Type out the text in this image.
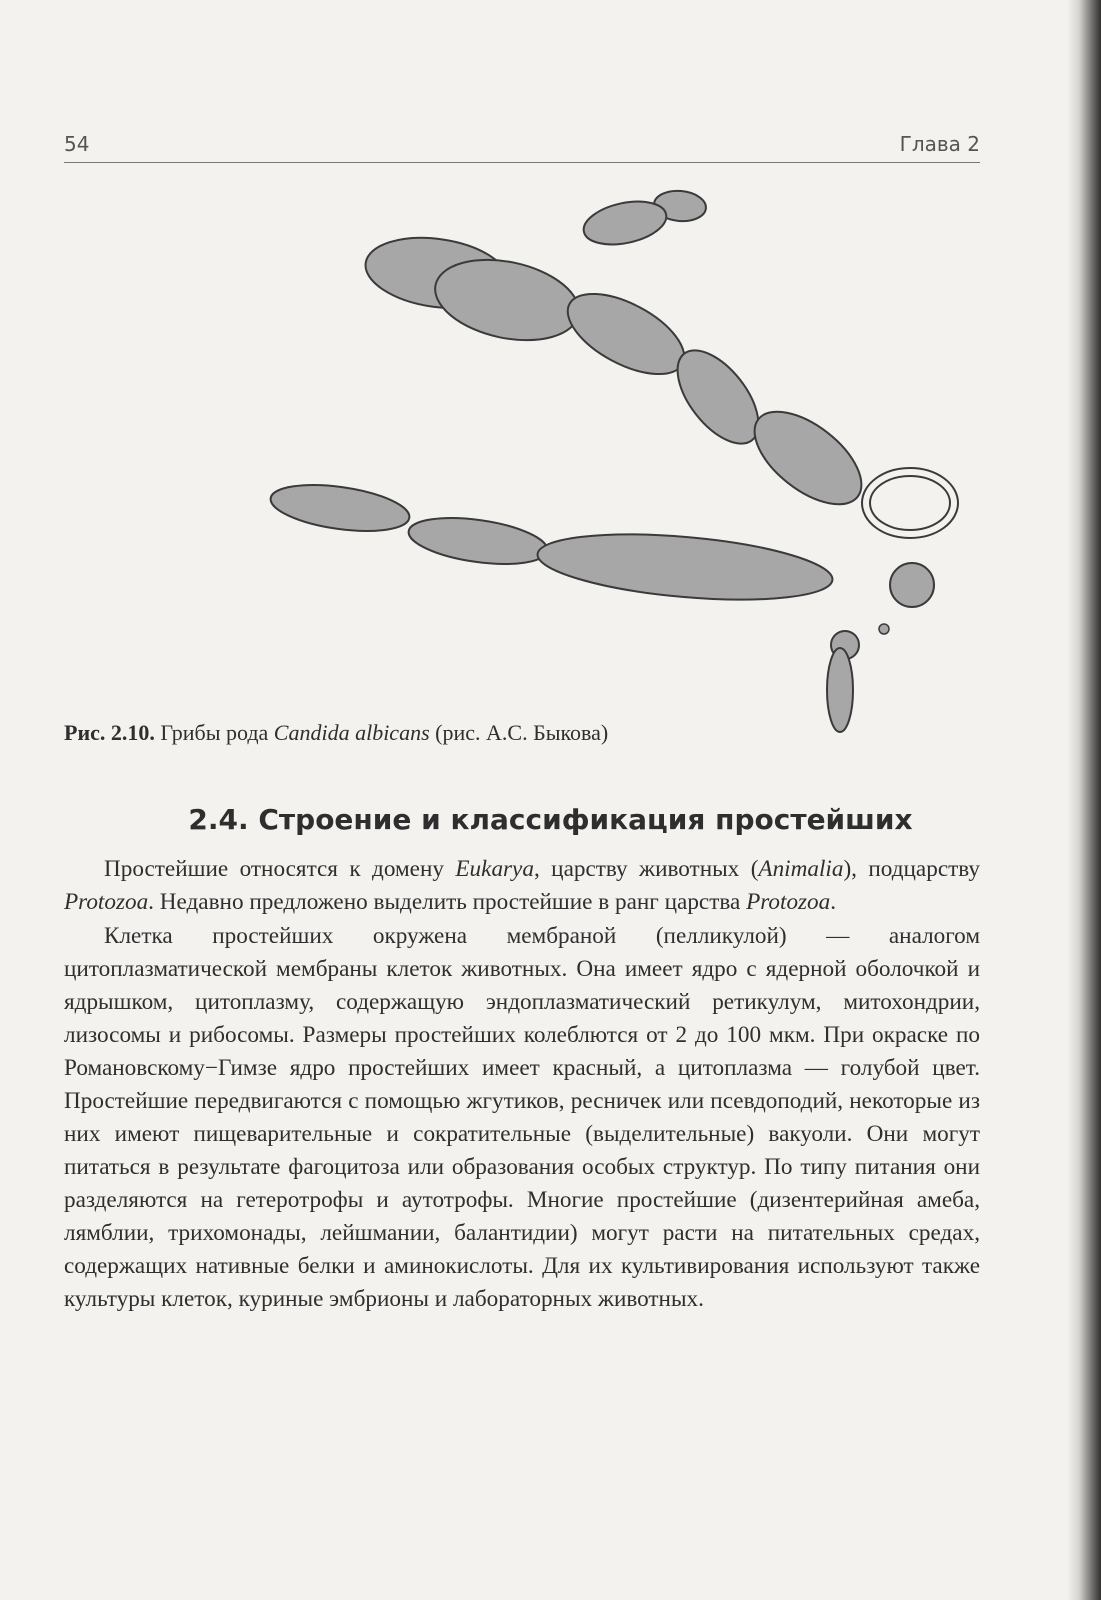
54	Глава 2
Рис. 2.10. Грибы рода Candida albicans (рис. А.С. Быкова)
2.4. Строение и классификация простейших

Простейшие относятся к домену Eukarya, царству животных (Animalia), подцарству Protozoa. Недавно предложено выделить простейшие в ранг царства Protozoa.

Клетка простейших окружена мембраной (пелликулой) — аналогом цитоплазматической мембраны клеток животных. Она имеет ядро с ядерной оболочкой и ядрышком, цитоплазму, содержащую эндоплазматический ретикулум, митохондрии, лизосомы и рибосомы. Размеры простейших колеблются от 2 до 100 мкм. При окраске по Романовскому−Гимзе ядро простейших имеет красный, а цитоплазма — голубой цвет. Простейшие передвигаются с помощью жгутиков, ресничек или псевдоподий, некоторые из них имеют пищеварительные и сократительные (выделительные) вакуоли. Они могут питаться в результате фагоцитоза или образования особых структур. По типу питания они разделяются на гетеротрофы и аутотрофы. Многие простейшие (дизентерийная амеба, лямблии, трихомонады, лейшмании, балантидии) могут расти на питательных средах, содержащих нативные белки и аминокислоты. Для их культивирования используют также культуры клеток, куриные эмбрионы и лабораторных животных.
